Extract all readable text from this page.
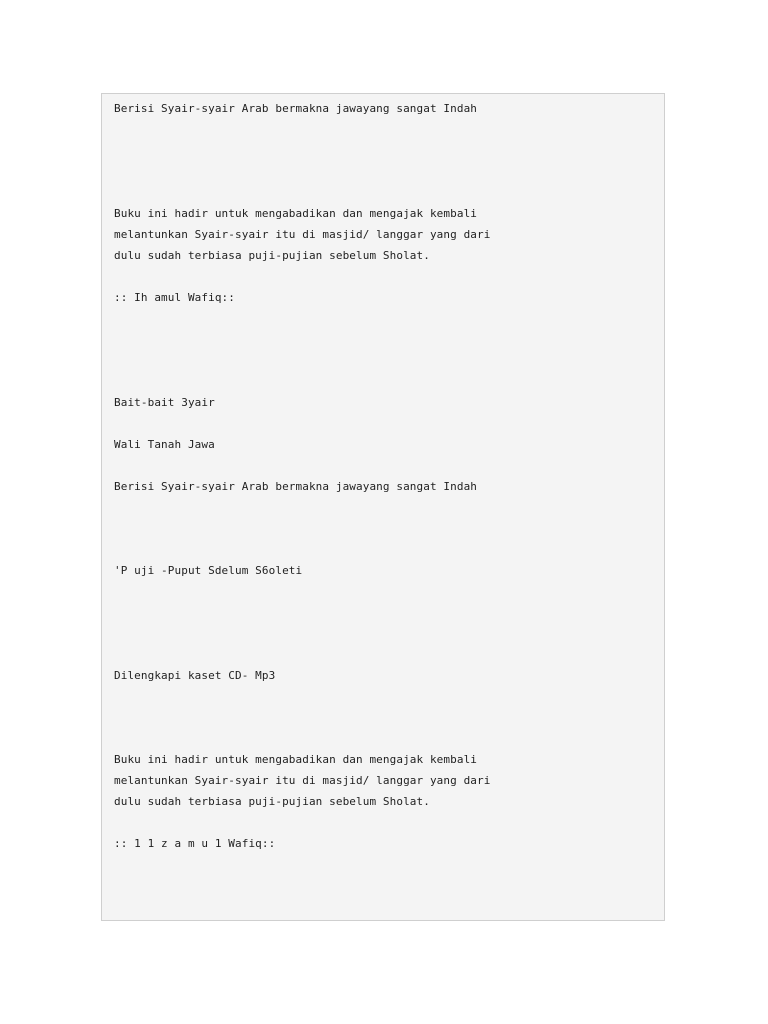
Berisi Syair-syair Arab bermakna jawayang sangat Indah

Buku ini hadir untuk mengabadikan dan mengajak kembali

melantunkan Syair-syair itu di masjid/ langgar yang dari

dulu sudah terbiasa puji-pujian sebelum Sholat.

:: Ih amul Wafiq::

Bait-bait 3yair

Wali Tanah Jawa

Berisi Syair-syair Arab bermakna jawayang sangat Indah

'P uji -Puput Sdelum S6oleti

Dilengkapi kaset CD- Mp3

Buku ini hadir untuk mengabadikan dan mengajak kembali

melantunkan Syair-syair itu di masjid/ langgar yang dari

dulu sudah terbiasa puji-pujian sebelum Sholat.

:: 1 1 z a m u 1 Wafiq::
